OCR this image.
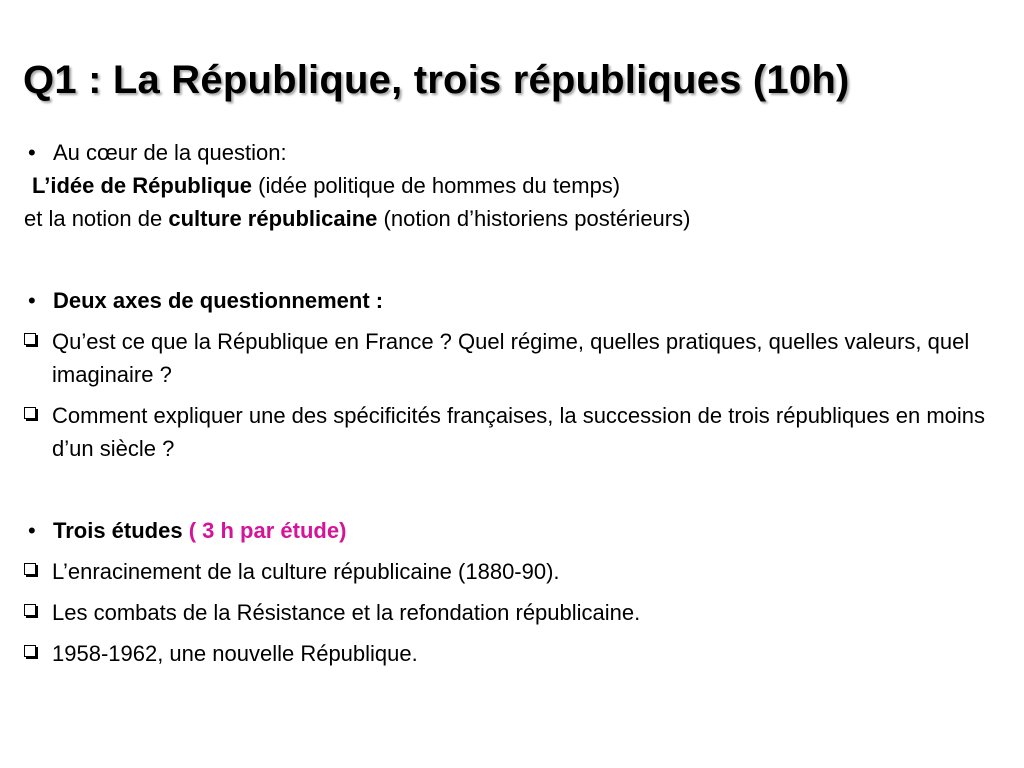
Q1 : La République, trois républiques (10h)
• Au cœur de la question:
L’idée de République (idée politique de hommes du temps)
et la notion de culture républicaine (notion d’historiens postérieurs)
• Deux axes de questionnement :
Qu’est ce que la République en France ? Quel régime, quelles pratiques, quelles valeurs, quel imaginaire ?
Comment expliquer une des spécificités françaises, la succession de trois républiques en moins d’un siècle ?
• Trois études ( 3 h par étude)
L’enracinement de la culture républicaine (1880-90).
Les combats de la Résistance et la refondation républicaine.
1958-1962, une nouvelle République.
